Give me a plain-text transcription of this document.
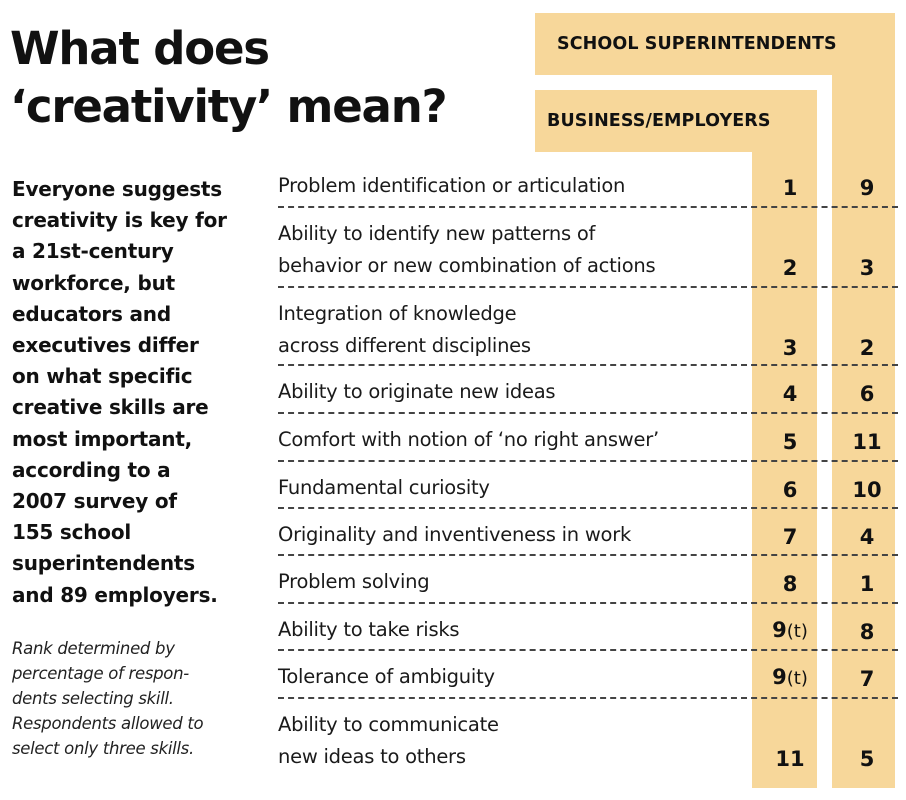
What does
‘creativity’ mean?
Everyone suggests
creativity is key for
a 21st-century
workforce, but
educators and
executives differ
on what specific
creative skills are
most important,
according to a
2007 survey of
155 school
superintendents
and 89 employers.
Rank determined by
percentage of respon-
dents selecting skill.
Respondents allowed to
select only three skills.
SCHOOL SUPERINTENDENTS
BUSINESS/EMPLOYERS
Problem identification or articulation	1	9
Ability to identify new patterns of
behavior or new combination of actions	2	3
Integration of knowledge
across different disciplines	3	2
Ability to originate new ideas	4	6
Comfort with notion of ‘no right answer’	5	11
Fundamental curiosity	6	10
Originality and inventiveness in work	7	4
Problem solving	8	1
Ability to take risks	9(t)	8
Tolerance of ambiguity	9(t)	7
Ability to communicate
new ideas to others	11	5
